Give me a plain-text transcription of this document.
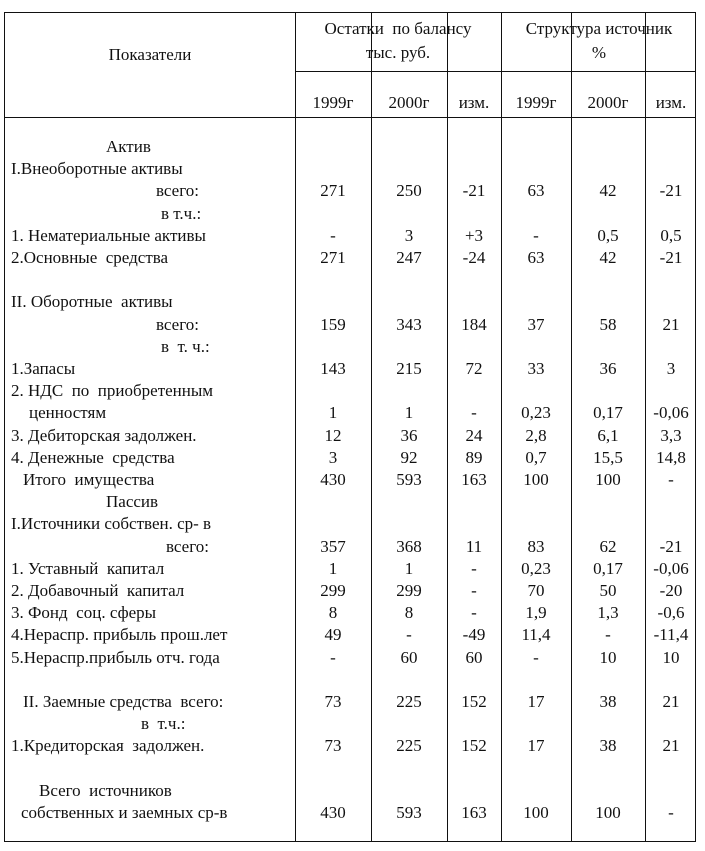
Показатели
Остатки  по балансу
тыс. руб.
Структура источник
%
1999г	2000г	изм.	1999г	2000г	изм.
Актив
I.Внеоборотные активы
всего:	271	250	-21	63	42	-21
в т.ч.:
1. Нематериальные активы	-	3	+3	-	0,5	0,5
2.Основные  средства	271	247	-24	63	42	-21
II. Оборотные  активы
всего:	159	343	184	37	58	21
в  т. ч.:
1.Запасы	143	215	72	33	36	3
2. НДС  по  приобретенным
ценностям	1	1	-	0,23	0,17	-0,06
3. Дебиторская задолжен.	12	36	24	2,8	6,1	3,3
4. Денежные  средства	3	92	89	0,7	15,5	14,8
Итого  имущества	430	593	163	100	100	-
Пассив
I.Источники собствен. ср- в
всего:	357	368	11	83	62	-21
1. Уставный  капитал	1	1	-	0,23	0,17	-0,06
2. Добавочный  капитал	299	299	-	70	50	-20
3. Фонд  соц. сферы	8	8	-	1,9	1,3	-0,6
4.Нераспр. прибыль прош.лет	49	-	-49	11,4	-	-11,4
5.Нераспр.прибыль отч. года	-	60	60	-	10	10
II. Заемные средства  всего:	73	225	152	17	38	21
в  т.ч.:
1.Кредиторская  задолжен.	73	225	152	17	38	21
Всего  источников
собственных и заемных ср-в	430	593	163	100	100	-
